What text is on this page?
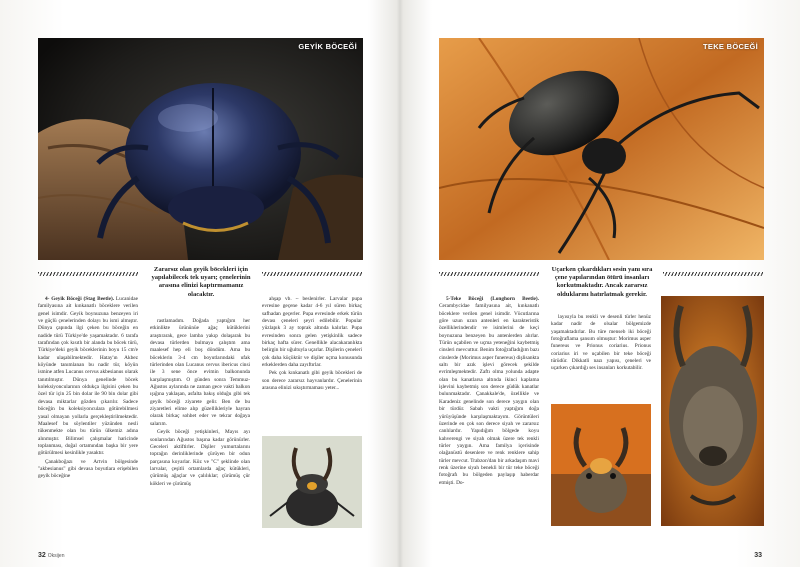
GEYİK BÖCEĞİ
Zararsız olan geyik böcekleri için yapılabilecek tek uyarı; çenelerinin arasına elinizi kaptırmamanız olacaktır.

4- Geyik Böceği (Stag Beetle). Lucanidae familyasına ait kınkanatlı böceklere verilen genel isimdir. Geyik boynuzuna benzeyen iri ve güçlü çenelerinden dolayı bu ismi almıştır. Dünya çapında ilgi çeken bu böceğin en nadide türü Türkiye'de yaşamaktadır. 6 tarafa tarafından çok kısıtlı bir alanda bu böcek türü, Türkiye'deki geyik böceklerinin boyu 15 cm'e kadar ulaşabilmektedir. Hatay'ın Akbez köyünde tanımlanan bu nadir tür, köyün ismine atfen Lucanus cervus akbesianus olarak tanıtılmıştır. Dünya genelinde böcek koleksiyoncularının oldukça ilgisini çeken bu özel tür için 25 bin dolar ile 90 bin dolar gibi devasa miktarlar gözden çıkarılır. Sadece böceğin bu koleksiyonculara götürebilmesi yasal olmayan yollarla gerçekleştirilmektedir. Maalesef bu söylentiler yüzünden nesli tükenmekte olan bu türün ülkemiz adına alınmıştır. Bilimsel çalışmalar haricinde toplanması, doğal ortamından başka bir yere götürülmesi kesinlikle yasaktır.

Çanakboğazı ve Artvin bölgesinde "akbesianus" gibi devasa boyutlara erişebilen geyik böceğine

rastlamadım. Doğada yaptığım her etkinlikte ürününüe ağaç kütüklerini araştırarak, gece lamba yakıp dolaşarak bu devasa türlerden bulmaya çalıştım ama maalesef hep eli boş döndüm. Ama bu böceklerin 3-4 cm boyutlarındaki ufak türlerinden olan Lucanus cervus ibericus cinsi ile 3 sene önce evimin balkonunda karşılaşmıştım. O günden sonra Temmuz-Ağustos aylarında ne zaman gece vakti balkon ışığına yaklaşan, asfalta bakış olduğu gibi tek geyik böceği ziyarete gelir. Ben de bu ziyaretleri elime alıp güzellikleriyle hayran olarak birkaç sohbet eder ve tekrar doğaya salarım.

Geyik böceği yetişkinleri, Mayıs ayı sonlarından Ağustos başına kadar görünürler. Geceleri aktiftirler. Dişiler yumurtalarını toprağın derinliklerinde çürüyen bir odun parçasına koyarlar. Köz ve "C" şeklinde olan larvalar, çeşitli ortamlarda ağaç kütükleri, çürümüş ağaçlar ve çalılıklar; çürümüş çür kökleri ve çürümüş

ahşap vb. ~ beslenirler. Larvalar pupa evresine geçene kadar 4-6 yıl süren birkaç safhadan geçerler. Pupa evresinde erkek türün devası çeneleri şeyri edilebilir. Popular yüzlapık 3 ay toprak altında kalırlar. Pupa evresinden sonra gelen yetişkinlik sadece birkaç hafta sürer. Genellikle alacakaranlıkta belirgin bir uğultuyla uçarlar. Dişilerin çeneleri çok daha küçüktür ve dişiler uçma konusunda erkeklerden daha zayıftırlar.

Pek çok kınkanatlı gibi geyik böcekleri de son derece zararsız hayvanlardır. Çenelerinin arasına elinizi sıkıştırmaması yeter...

32 Oksijen
TEKE BÖCEĞİ
Uçarken çıkardıkları sesin yanı sıra çene yapılarından ötürü insanları korkutmaktadır. Ancak zararsız olduklarını hatırlatmak gerekir.

5-Teke Böceği (Longhorn Beetle). Cerambycidae familyasına ait, kınkanatlı böceklere verilen genel isimdir. Vücutlarına göre uzun uzun antenleri en karakteristik özelliklerindendir ve isimlerini de keçi boynuzuna benzeyen bu antenlerden alırlar. Türün uçabilen ve uçma yeteneğini kaybetmiş cinsleri mevcuttur. Benim fotoğrafladığım bazı cinslerde (Morimus asper funereus) dişlisankta saltı bir azık işlevi görecek şekilde evrimleşmektedir. Zaftı olma yolunda adapte olan bu kanatlarsa altında ikinci kaplama işlevini kaybetmiş son derece güdük kanatlar bulunmaktadır. Çanakkale'de, özellikle ve Karadeniz genelinde son derece yaygın olan bir türdür. Sabah vakti yaptığım doğa yürüyüşünde karşılaşmaktayım. Görüntüleri üzerinde en çok son derece siyah ve zararsız canlılardır. Yapıdığım bölgede koyu kahverengi ve siyah olmak üzere tek renkli türler yaygın. Ama familya içerisinde olağanüstü desenlere ve renk renklere sahip türler mevcut. Trabzon'dan bir arkadaşım mavi renk üzerine siyah benekli bir tür teke böceği fotoğrafı bu bölgeden paylaşıp haberdar etmişti. Do-

layısıyla bu renkli ve desenli türler henüz kadar nadir de olsalar bölgemizde yaşamaktadırlar. Bu türe menseb iki böceği fotoğraflama şansım olmuştur: Morimus asper funereus ve Prionus coriarius. Prionus coriarius iri ve uçabilen bir teke böceği türüdür. Dikkatli nazı yapısı, çeneleri ve uçarken çıkardığı ses insanları korkutabilir.

33
